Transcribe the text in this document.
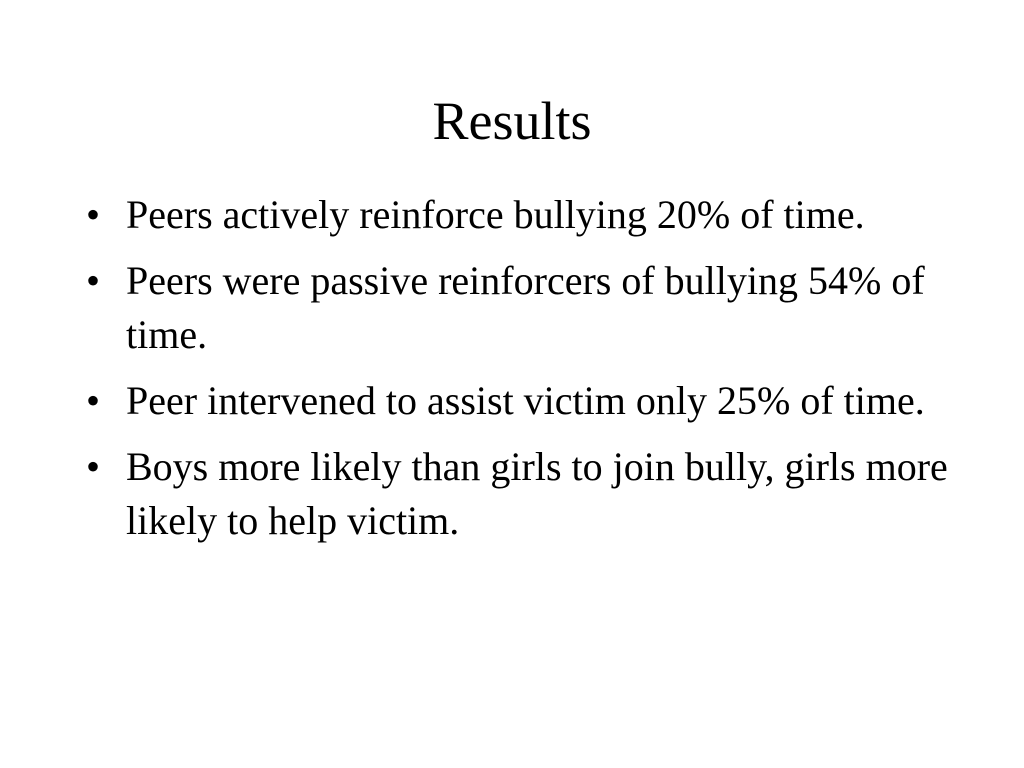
Results
• Peers actively reinforce bullying 20% of time.
• Peers were passive reinforcers of bullying 54% of time.
• Peer intervened to assist victim only 25% of time.
• Boys more likely than girls to join bully, girls more likely to help victim.
